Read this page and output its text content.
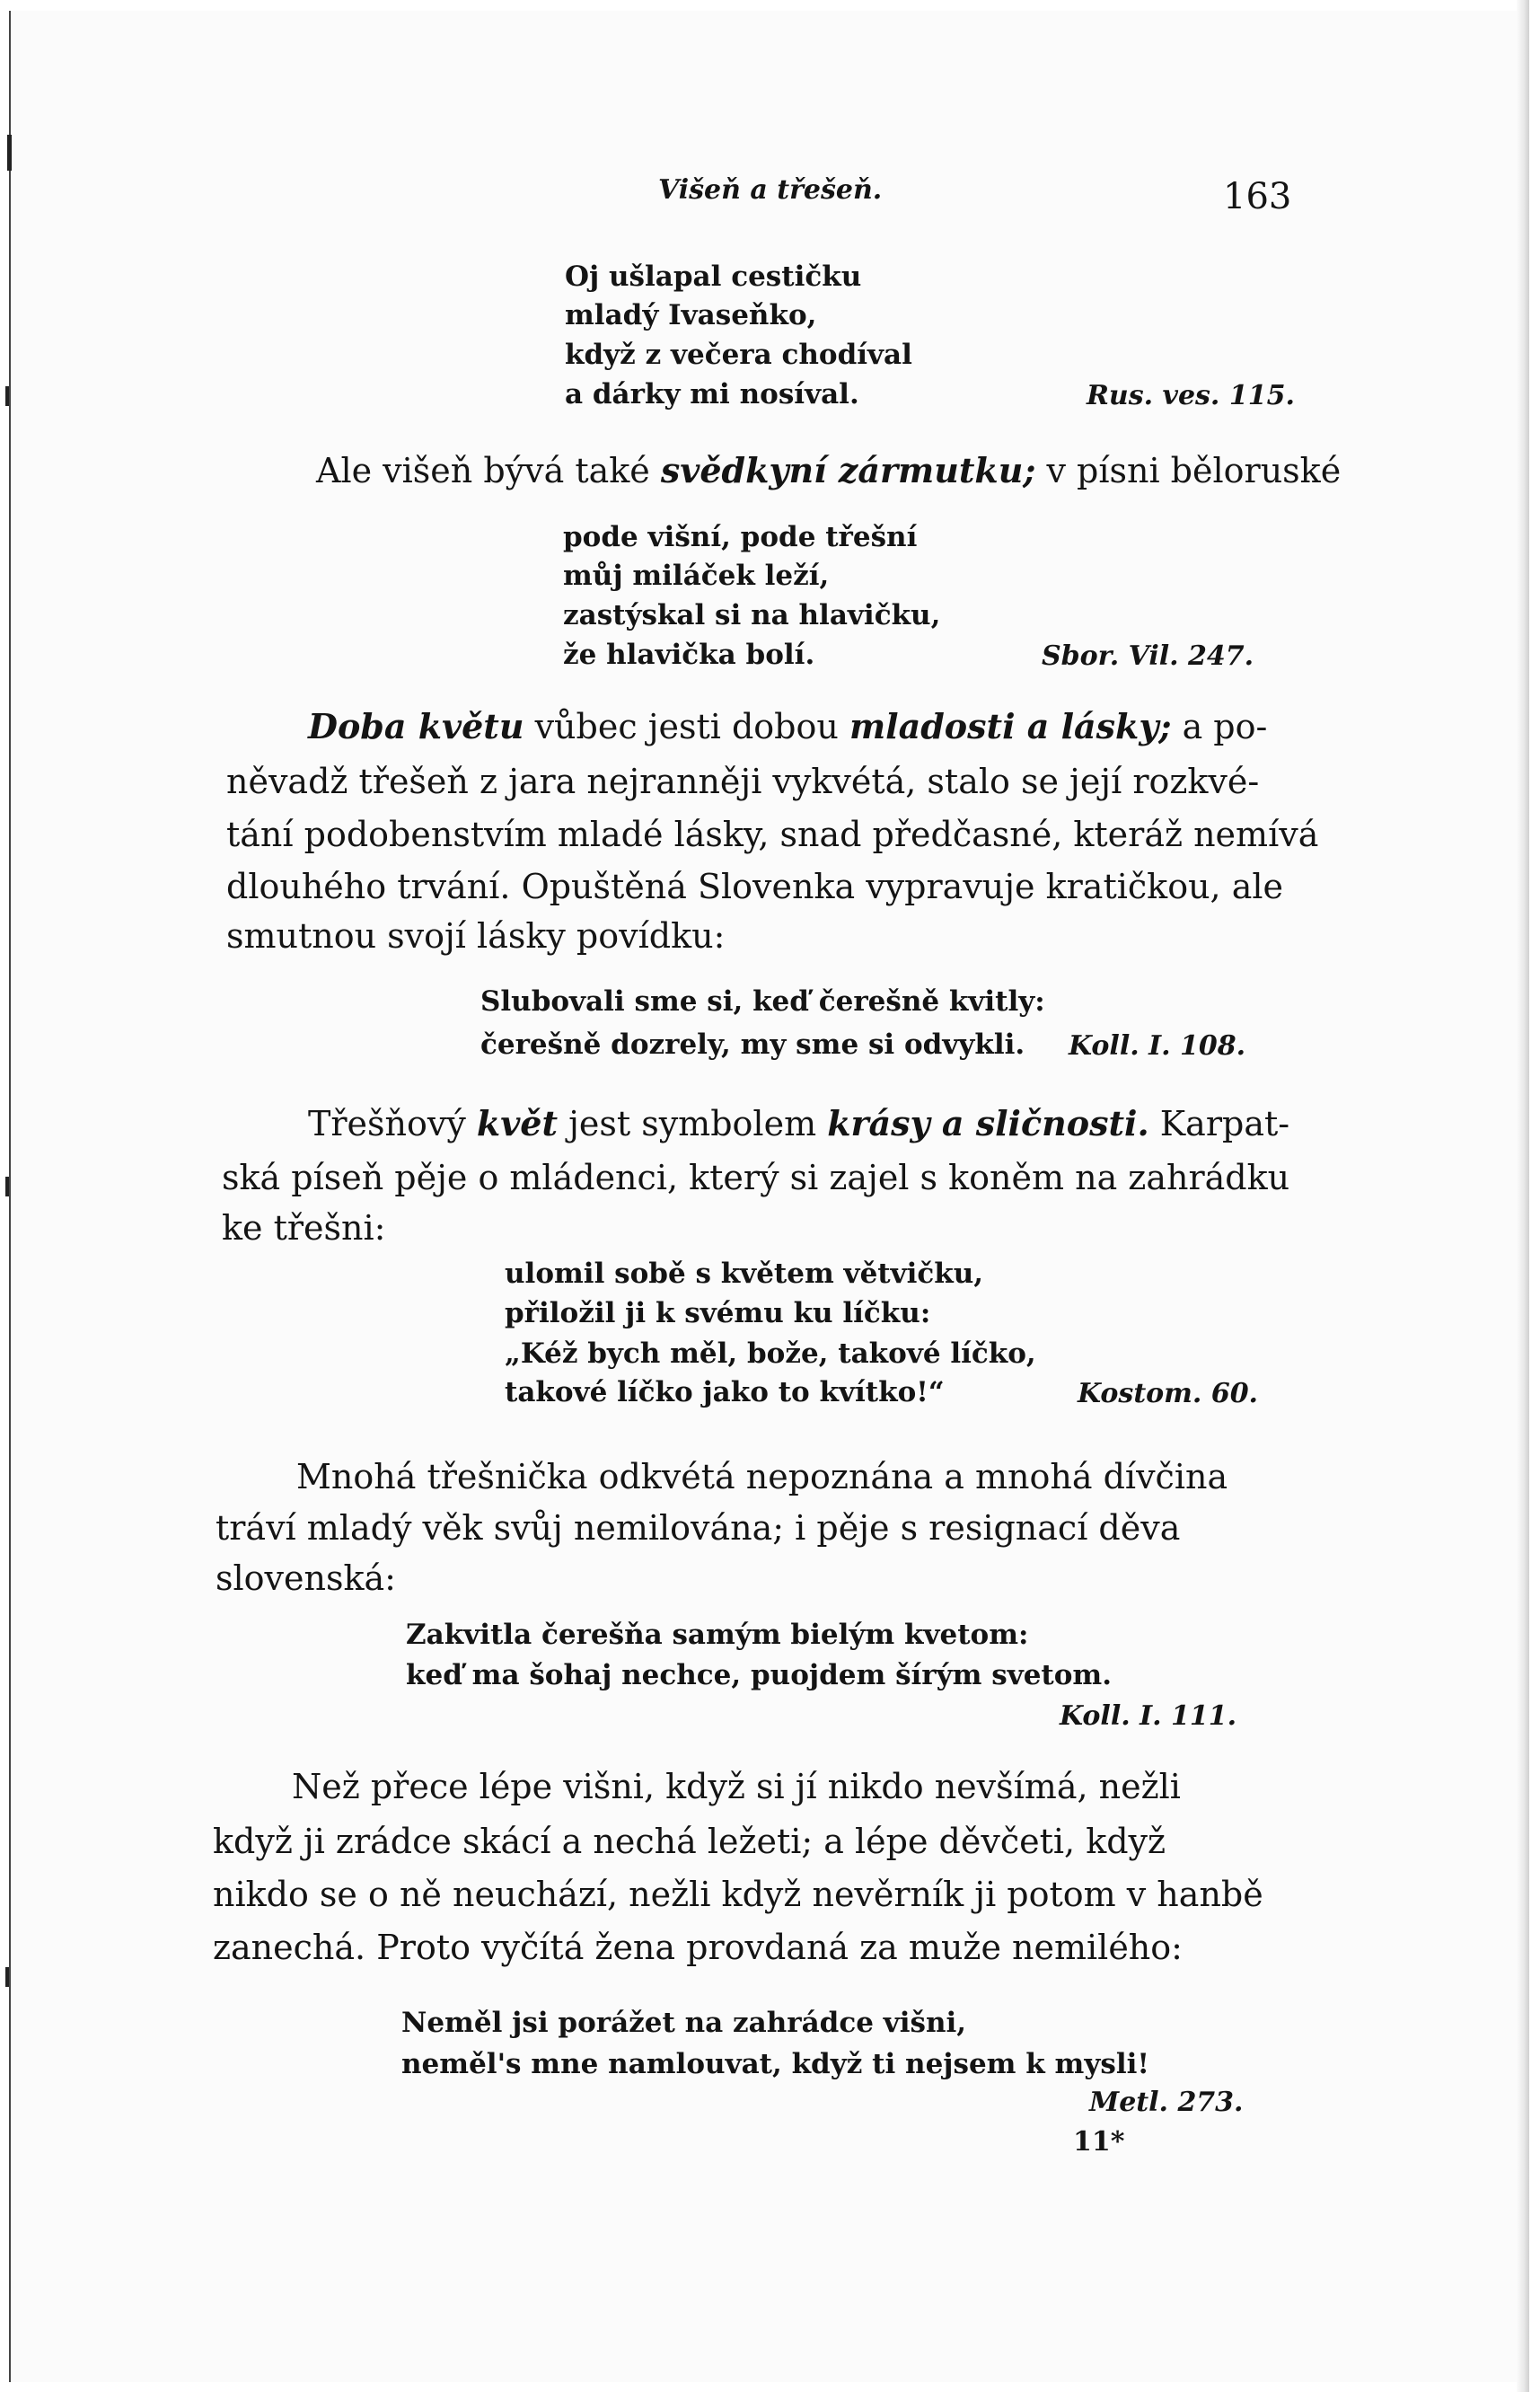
Višeň a třešeň.	163
Oj ušlapal cestičku
mladý Ivaseňko,
když z večera chodíval
a dárky mi nosíval.	Rus. ves. 115.
Ale višeň bývá také svědkyní zármutku; v písni běloruské
pode višní, pode třešní
můj miláček leží,
zastýskal si na hlavičku,
že hlavička bolí.	Sbor. Vil. 247.
Doba květu vůbec jesti dobou mladosti a lásky; a po-
něvadž třešeň z jara nejranněji vykvétá, stalo se její rozkvé-
tání podobenstvím mladé lásky, snad předčasné, kteráž nemívá
dlouhého trvání. Opuštěná Slovenka vypravuje kratičkou, ale
smutnou svojí lásky povídku:
Slubovali sme si, keď čerešně kvitly:
čerešně dozrely, my sme si odvykli. Koll. I. 108.
Třešňový květ jest symbolem krásy a sličnosti. Karpat-
ská píseň pěje o mládenci, který si zajel s koněm na zahrádku
ke třešni:
ulomil sobě s květem větvičku,
přiložil ji k svému ku líčku:
„Kéž bych měl, bože, takové líčko,
takové líčko jako to kvítko!“	Kostom. 60.
Mnohá třešnička odkvétá nepoznána a mnohá dívčina
tráví mladý věk svůj nemilována; i pěje s resignací děva
slovenská:
Zakvitla čerešňa samým bielým kvetom:
keď ma šohaj nechce, puojdem šírým svetom.
Koll. I. 111.
Než přece lépe višni, když si jí nikdo nevšímá, nežli
když ji zrádce skácí a nechá ležeti; a lépe děvčeti, když
nikdo se o ně neuchází, nežli když nevěrník ji potom v hanbě
zanechá. Proto vyčítá žena provdaná za muže nemilého:
Neměl jsi porážet na zahrádce višni,
neměl's mne namlouvat, když ti nejsem k mysli!
Metl. 273.
11*
